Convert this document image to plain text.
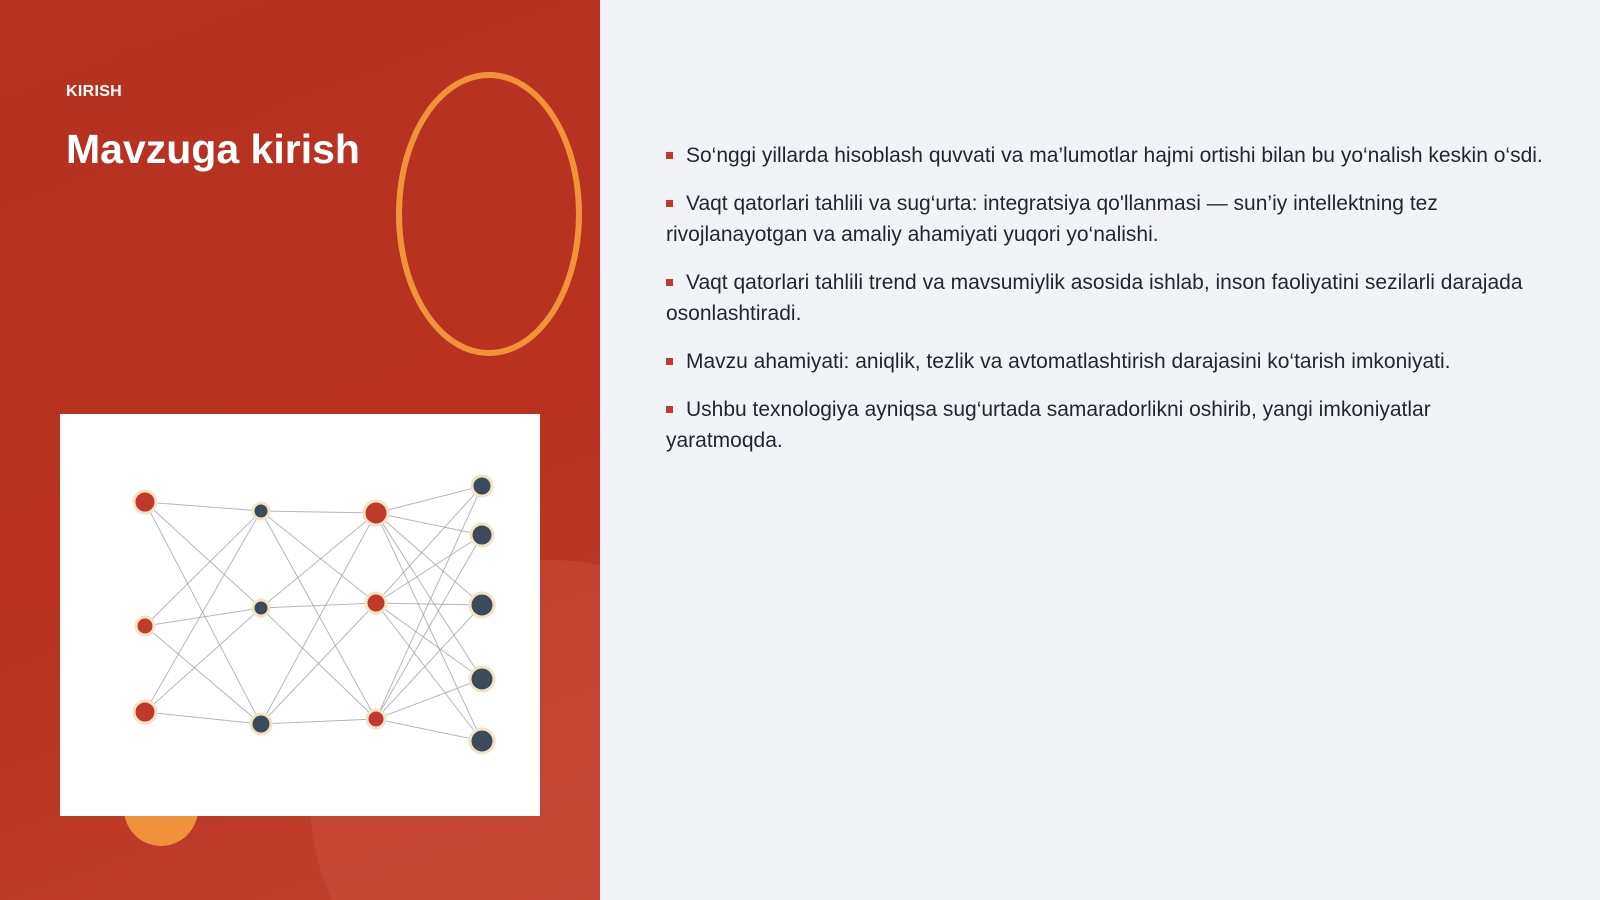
KIRISH
Mavzuga kirish	So‘nggi yillarda hisoblash quvvati va ma’lumotlar hajmi ortishi bilan bu yo‘nalish keskin o‘sdi.
Vaqt qatorlari tahlili va sug‘urta: integratsiya qo'llanmasi — sun’iy intellektning tez rivojlanayotgan va amaliy ahamiyati yuqori yo‘nalishi.
Vaqt qatorlari tahlili trend va mavsumiylik asosida ishlab, inson faoliyatini sezilarli darajada osonlashtiradi.
Mavzu ahamiyati: aniqlik, tezlik va avtomatlashtirish darajasini ko‘tarish imkoniyati.
Ushbu texnologiya ayniqsa sug‘urtada samaradorlikni oshirib, yangi imkoniyatlar yaratmoqda.
